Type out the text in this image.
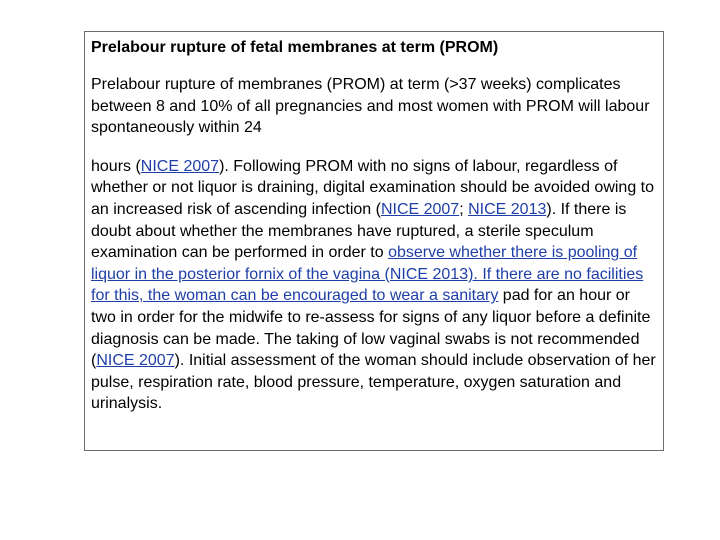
Prelabour rupture of fetal membranes at term (PROM)
Prelabour rupture of membranes (PROM) at term (>37 weeks) complicates between 8 and 10% of all pregnancies and most women with PROM will labour spontaneously within 24
hours (NICE 2007). Following PROM with no signs of labour, regardless of whether or not liquor is draining, digital examination should be avoided owing to an increased risk of ascending infection (NICE 2007; NICE 2013). If there is doubt about whether the membranes have ruptured, a sterile speculum examination can be performed in order to observe whether there is pooling of liquor in the posterior fornix of the vagina (NICE 2013). If there are no facilities for this, the woman can be encouraged to wear a sanitary pad for an hour or two in order for the midwife to re-assess for signs of any liquor before a definite diagnosis can be made. The taking of low vaginal swabs is not recommended (NICE 2007). Initial assessment of the woman should include observation of her pulse, respiration rate, blood pressure, temperature, oxygen saturation and urinalysis.
